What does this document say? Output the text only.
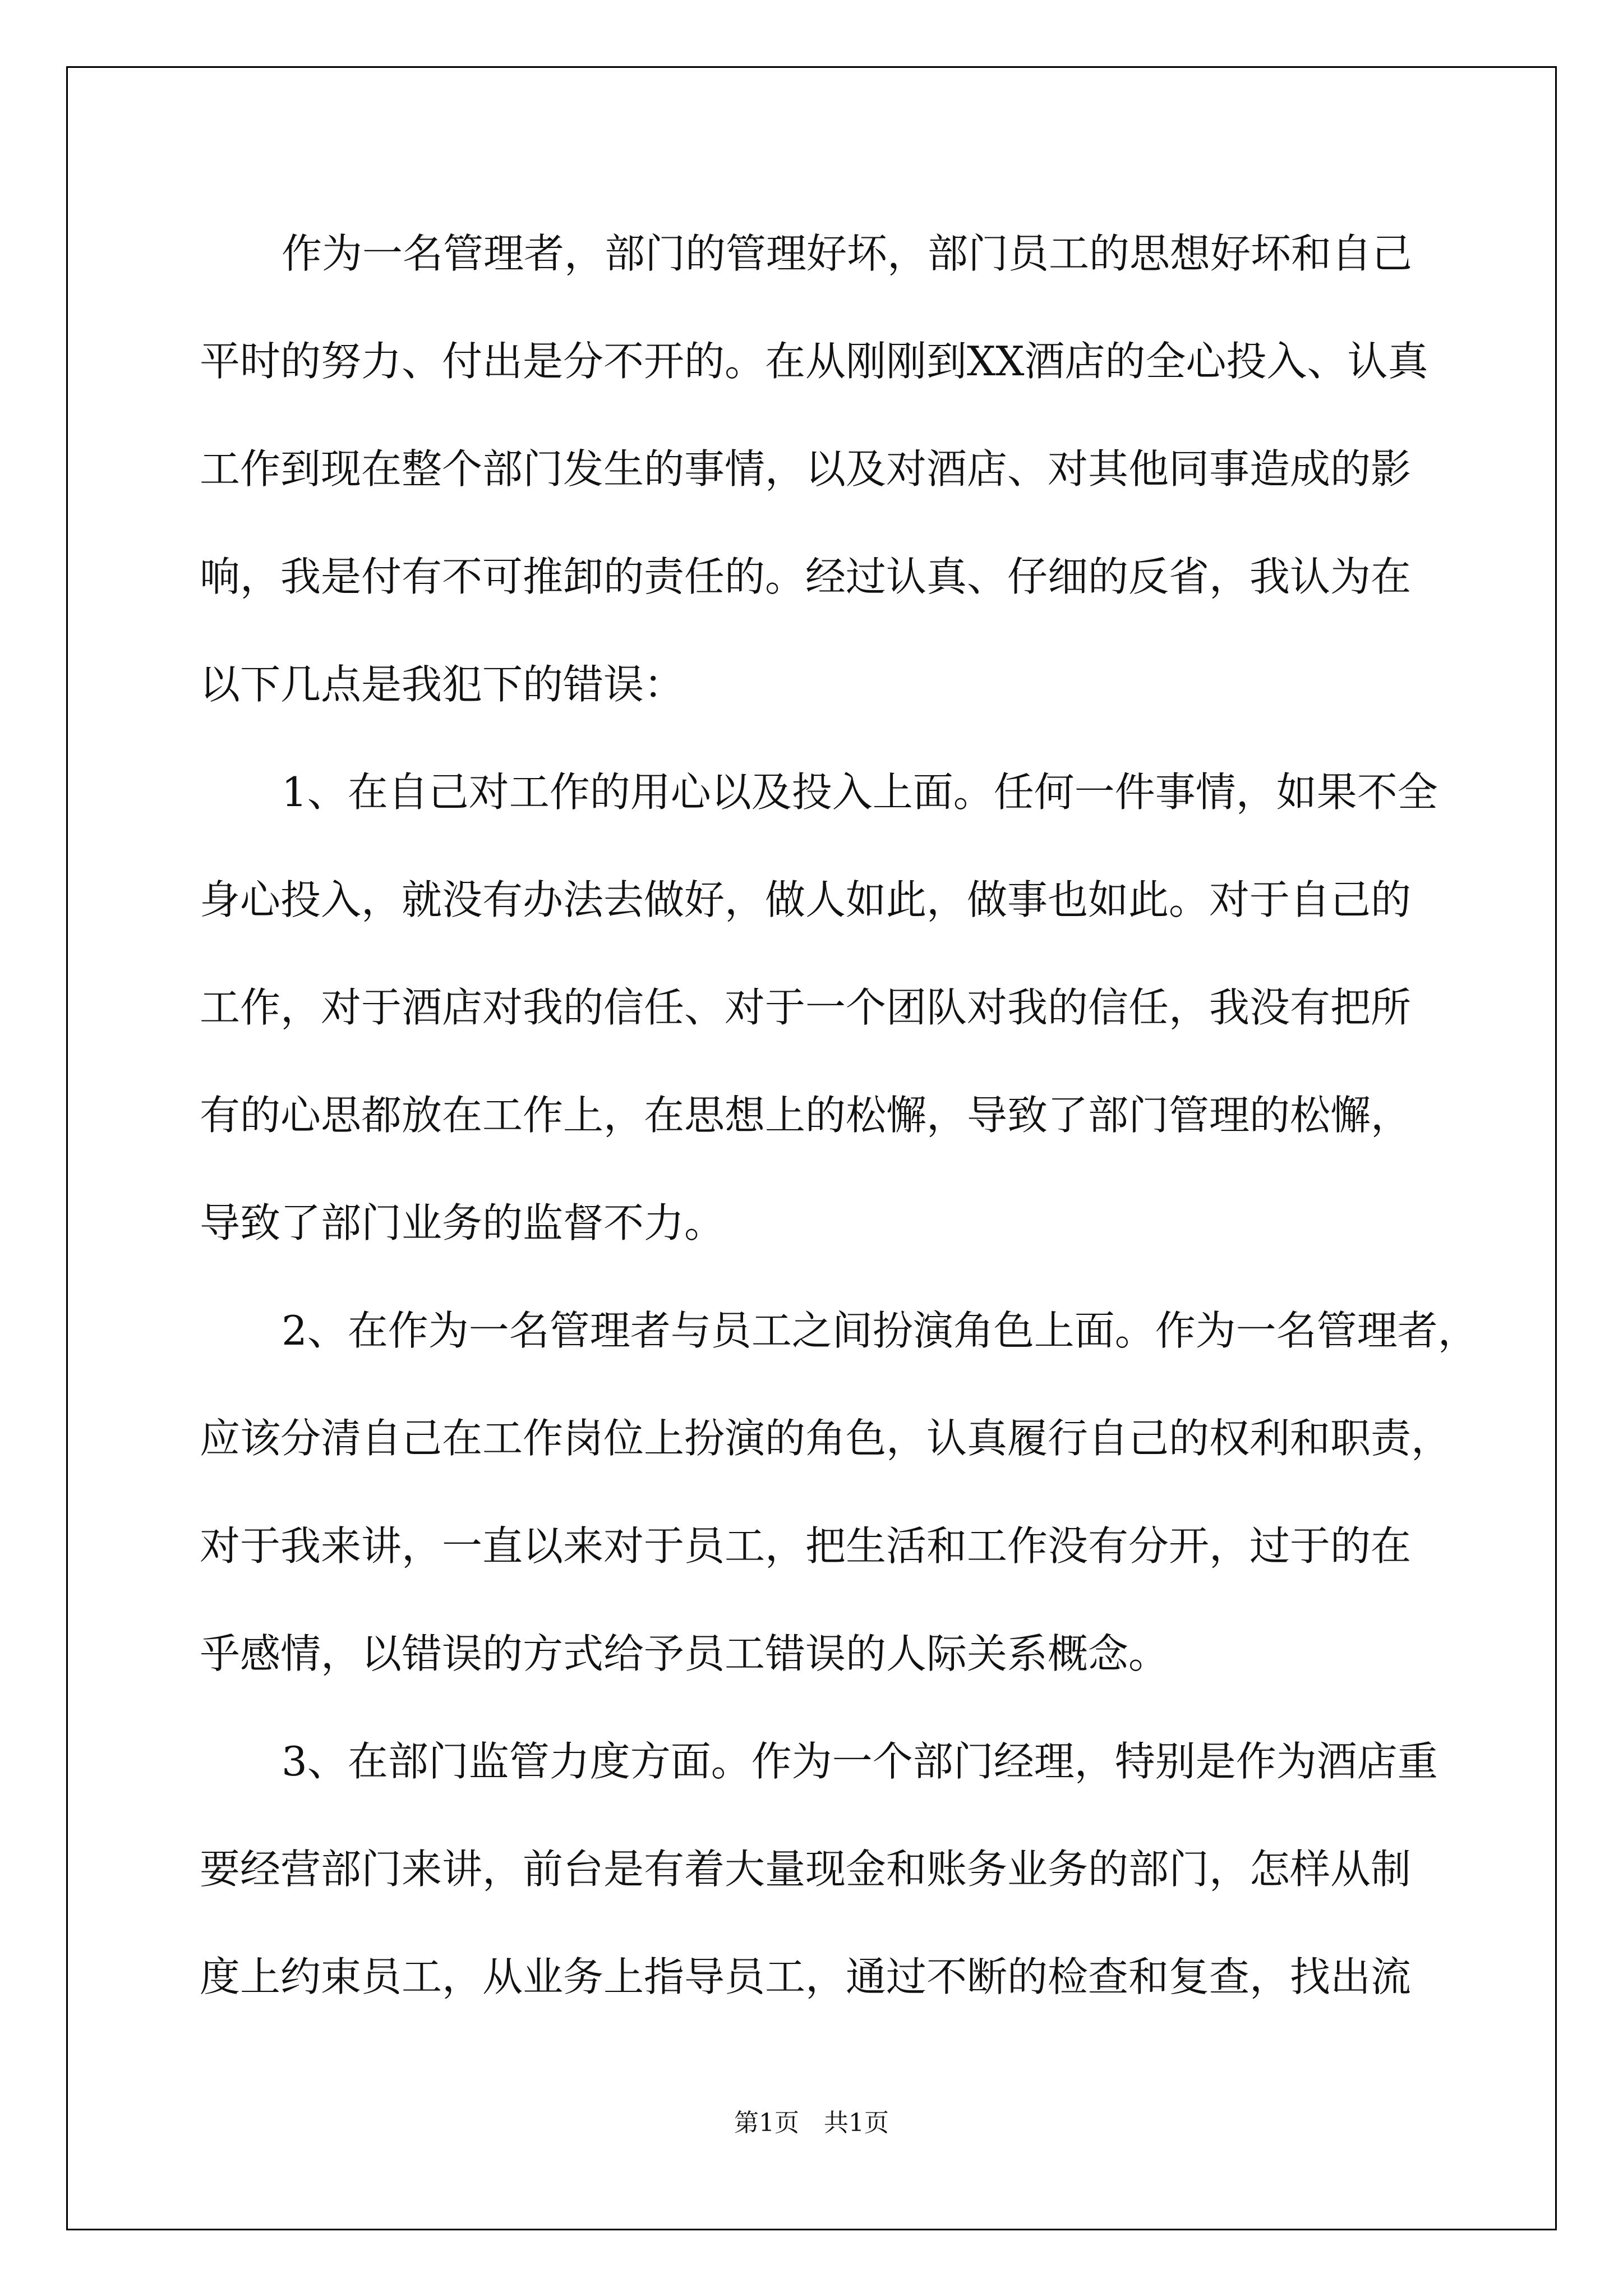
作为一名管理者，部门的管理好坏，部门员工的思想好坏和自己
平时的努力、付出是分不开的。在从刚刚到XX酒店的全心投入、认真
工作到现在整个部门发生的事情，以及对酒店、对其他同事造成的影
响，我是付有不可推卸的责任的。经过认真、仔细的反省，我认为在
以下几点是我犯下的错误：
1、在自己对工作的用心以及投入上面。任何一件事情，如果不全
身心投入，就没有办法去做好，做人如此，做事也如此。对于自己的
工作，对于酒店对我的信任、对于一个团队对我的信任，我没有把所
有的心思都放在工作上，在思想上的松懈，导致了部门管理的松懈，
导致了部门业务的监督不力。
2、在作为一名管理者与员工之间扮演角色上面。作为一名管理者，
应该分清自己在工作岗位上扮演的角色，认真履行自己的权利和职责，
对于我来讲，一直以来对于员工，把生活和工作没有分开，过于的在
乎感情，以错误的方式给予员工错误的人际关系概念。
3、在部门监管力度方面。作为一个部门经理，特别是作为酒店重
要经营部门来讲，前台是有着大量现金和账务业务的部门，怎样从制
度上约束员工，从业务上指导员工，通过不断的检查和复查，找出流
第1页 共1页
